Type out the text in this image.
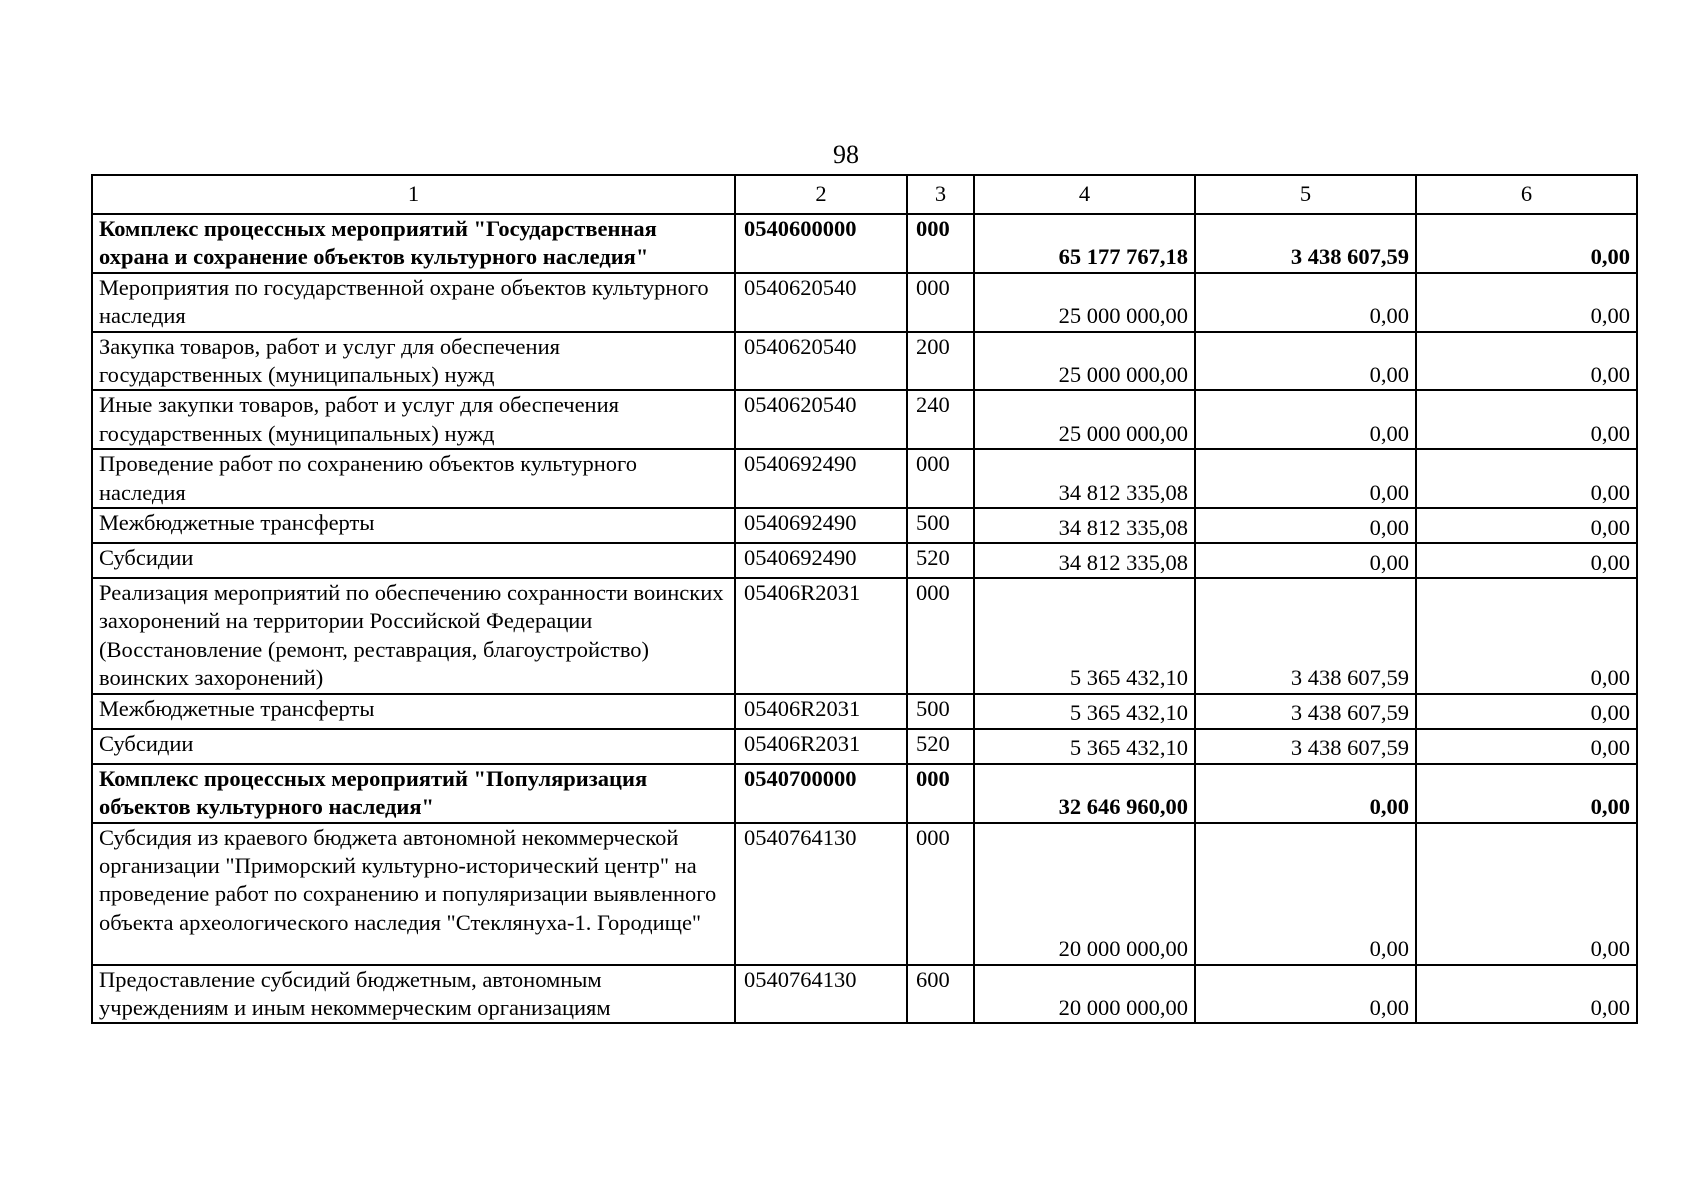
98
1	2	3	4	5	6
Комплекс процессных мероприятий "Государственная охрана и сохранение объектов культурного наследия"	0540600000	000	65 177 767,18	3 438 607,59	0,00
Мероприятия по государственной охране объектов культурного наследия	0540620540	000	25 000 000,00	0,00	0,00
Закупка товаров, работ и услуг для обеспечения государственных (муниципальных) нужд	0540620540	200	25 000 000,00	0,00	0,00
Иные закупки товаров, работ и услуг для обеспечения государственных (муниципальных) нужд	0540620540	240	25 000 000,00	0,00	0,00
Проведение работ по сохранению объектов культурного наследия	0540692490	000	34 812 335,08	0,00	0,00
Межбюджетные трансферты	0540692490	500	34 812 335,08	0,00	0,00
Субсидии	0540692490	520	34 812 335,08	0,00	0,00
Реализация мероприятий по обеспечению сохранности воинских захоронений на территории Российской Федерации (Восстановление (ремонт, реставрация, благоустройство) воинских захоронений)	05406R2031	000	5 365 432,10	3 438 607,59	0,00
Межбюджетные трансферты	05406R2031	500	5 365 432,10	3 438 607,59	0,00
Субсидии	05406R2031	520	5 365 432,10	3 438 607,59	0,00
Комплекс процессных мероприятий "Популяризация объектов культурного наследия"	0540700000	000	32 646 960,00	0,00	0,00
Субсидия из краевого бюджета автономной некоммерческой организации "Приморский культурно-исторический центр" на проведение работ по сохранению и популяризации выявленного объекта археологического наследия "Стеклянуха-1. Городище"	0540764130	000	20 000 000,00	0,00	0,00
Предоставление субсидий бюджетным, автономным учреждениям и иным некоммерческим организациям	0540764130	600	20 000 000,00	0,00	0,00
